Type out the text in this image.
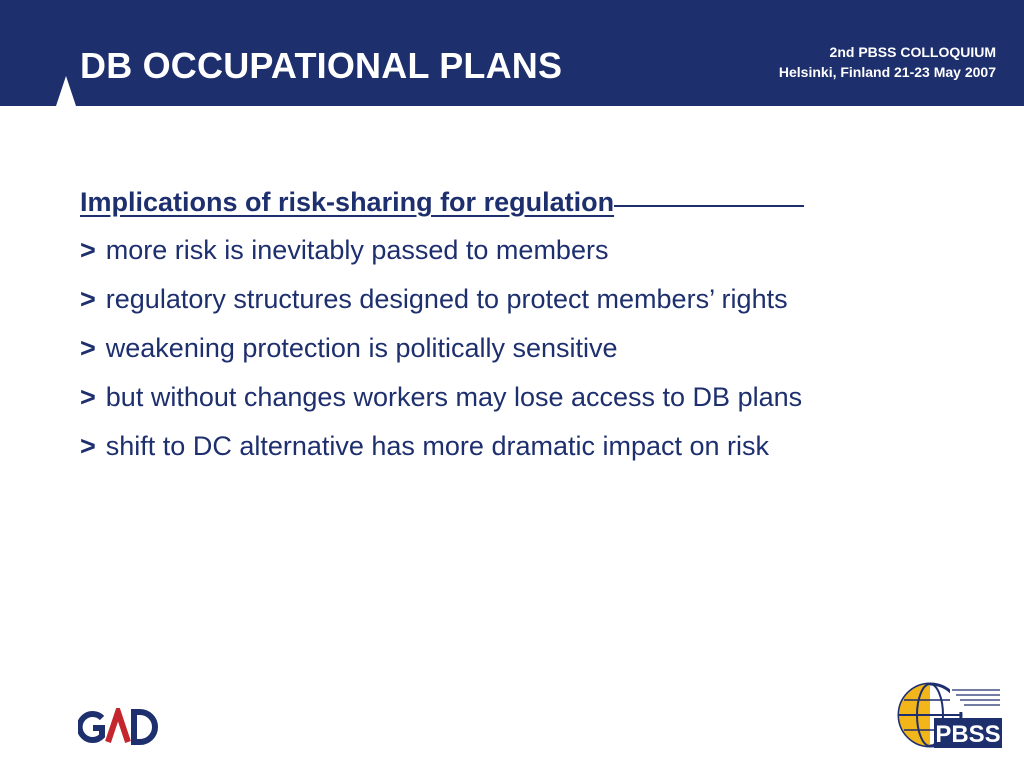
DB OCCUPATIONAL PLANS	2nd PBSS COLLOQUIUM
Helsinki, Finland 21-23 May 2007
Implications of risk-sharing for regulation
> more risk is inevitably passed to members
> regulatory structures designed to protect members’ rights
> weakening protection is politically sensitive
> but without changes workers may lose access to DB plans
> shift to DC alternative has more dramatic impact on risk
PBSS
